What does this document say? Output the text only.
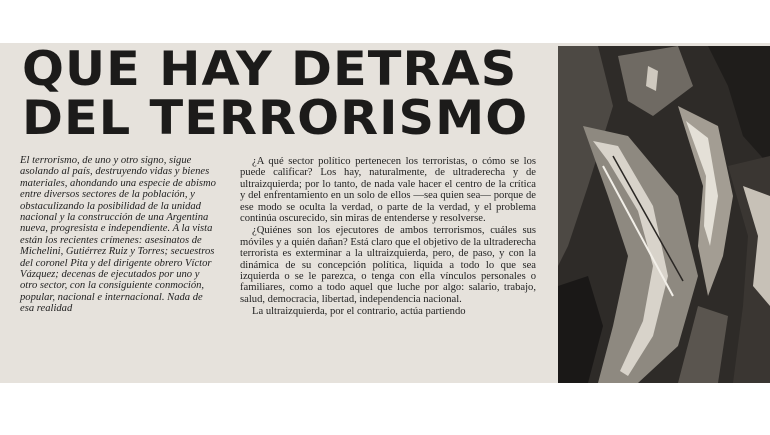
QUE HAY DETRAS
DEL TERRORISMO

El terrorismo, de uno y otro signo, sigue asolando al país, destruyendo vidas y bienes materiales, ahondando una especie de abismo entre diversos sectores de la población, y obstaculizando la posibilidad de la unidad nacional y la construcción de una Argentina nueva, progresista e independiente. A la vista están los recientes crímenes: asesinatos de Michelini, Gutiérrez Ruiz y Torres; secuestros del coronel Pita y del dirigente obrero Víctor Vázquez; decenas de ejecutados por uno y otro sector, con la consiguiente conmoción, popular, nacional e internacional. Nada de esa realidad

¿A qué sector político pertenecen los terroristas, o cómo se los puede calificar? Los hay, naturalmente, de ultraderecha y de ultraizquierda; por lo tanto, de nada vale hacer el centro de la crítica y del enfrentamiento en un solo de ellos —sea quien sea— porque de ese modo se oculta la verdad, o parte de la verdad, y el problema continúa oscurecido, sin miras de entenderse y resolverse.

¿Quiénes son los ejecutores de ambos terrorismos, cuáles sus móviles y a quién dañan? Está claro que el objetivo de la ultraderecha terrorista es exterminar a la ultraizquierda, pero, de paso, y con la dinámica de su concepción política, liquida a todo lo que sea izquierda o se le parezca, o tenga con ella vínculos personales o familiares, como a todo aquel que luche por algo: salario, trabajo, salud, democracia, libertad, independencia nacional.

La ultraizquierda, por el contrario, actúa partiendo
